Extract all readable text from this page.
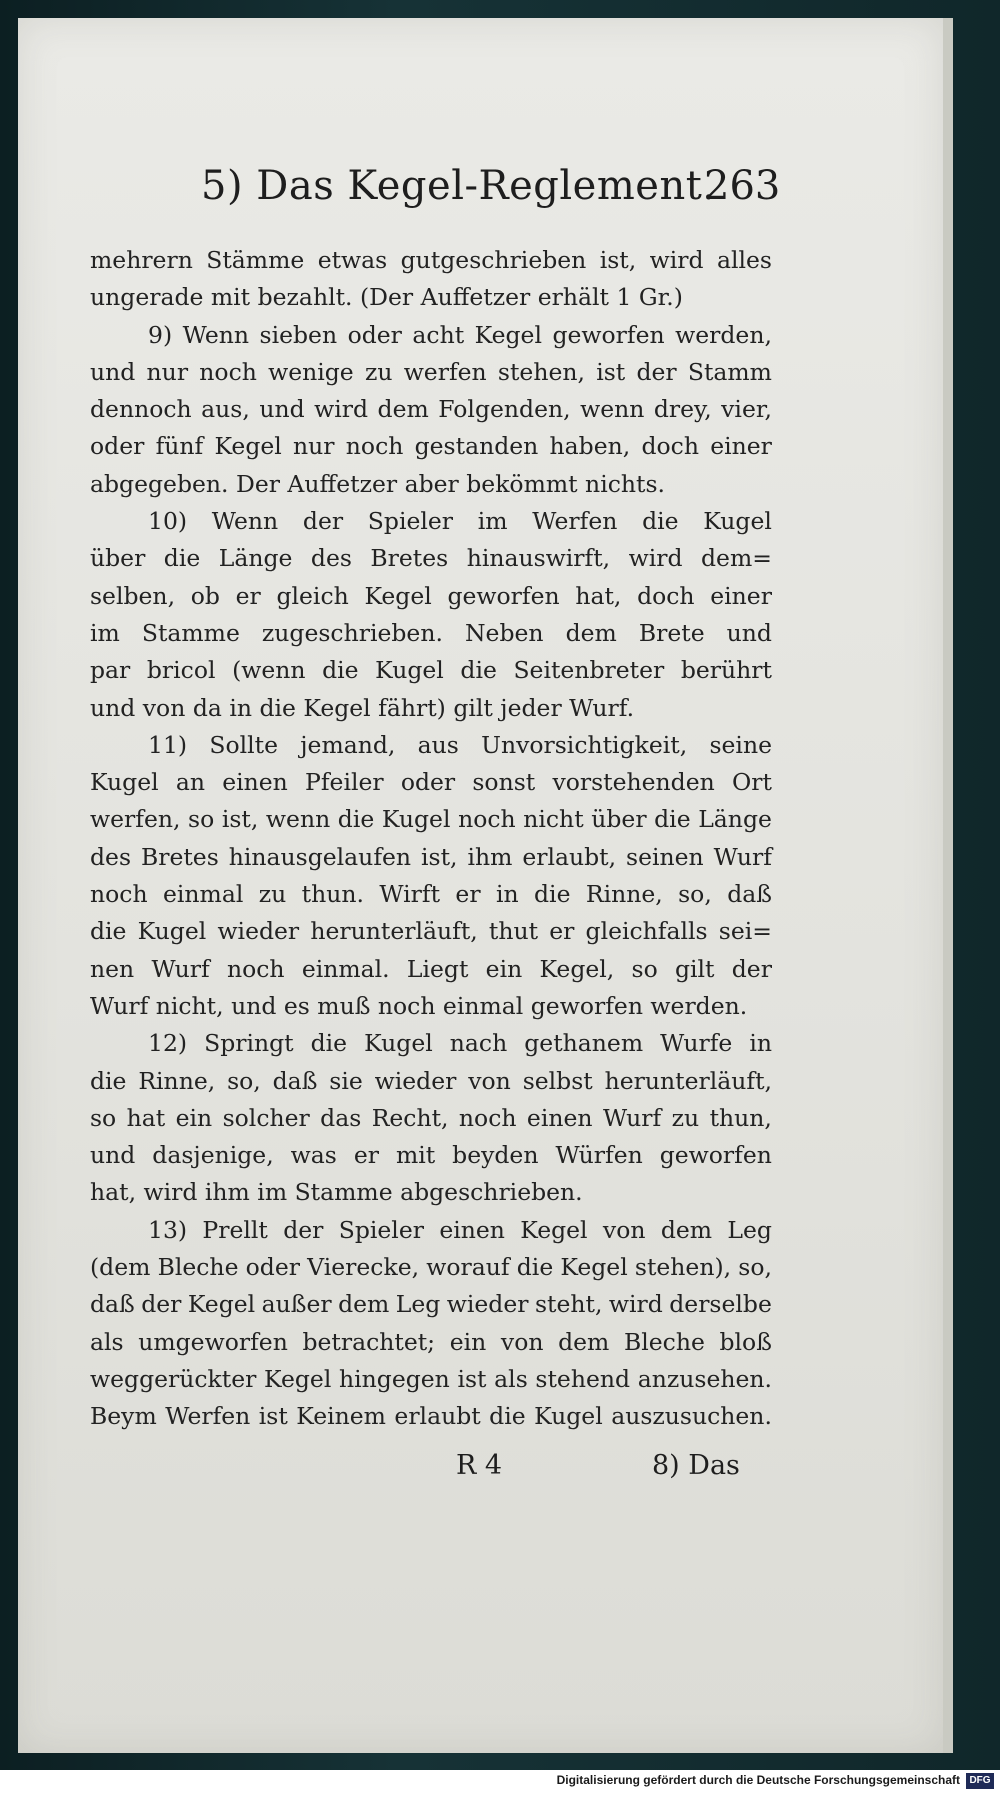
5) Das Kegel-Reglement.
263
mehrern Stämme etwas gutgeschrieben ist, wird alles
ungerade mit bezahlt. (Der Auffetzer erhält 1 Gr.)
9) Wenn sieben oder acht Kegel geworfen werden,
und nur noch wenige zu werfen stehen, ist der Stamm
dennoch aus, und wird dem Folgenden, wenn drey, vier,
oder fünf Kegel nur noch gestanden haben, doch einer
abgegeben. Der Auffetzer aber bekömmt nichts.
10) Wenn der Spieler im Werfen die Kugel
über die Länge des Bretes hinauswirft, wird dem=
selben, ob er gleich Kegel geworfen hat, doch einer
im Stamme zugeschrieben. Neben dem Brete und
par bricol (wenn die Kugel die Seitenbreter berührt
und von da in die Kegel fährt) gilt jeder Wurf.
11) Sollte jemand, aus Unvorsichtigkeit, seine
Kugel an einen Pfeiler oder sonst vorstehenden Ort
werfen, so ist, wenn die Kugel noch nicht über die Länge
des Bretes hinausgelaufen ist, ihm erlaubt, seinen Wurf
noch einmal zu thun. Wirft er in die Rinne, so, daß
die Kugel wieder herunterläuft, thut er gleichfalls sei=
nen Wurf noch einmal. Liegt ein Kegel, so gilt der
Wurf nicht, und es muß noch einmal geworfen werden.
12) Springt die Kugel nach gethanem Wurfe in
die Rinne, so, daß sie wieder von selbst herunterläuft,
so hat ein solcher das Recht, noch einen Wurf zu thun,
und dasjenige, was er mit beyden Würfen geworfen
hat, wird ihm im Stamme abgeschrieben.
13) Prellt der Spieler einen Kegel von dem Leg
(dem Bleche oder Vierecke, worauf die Kegel stehen), so,
daß der Kegel außer dem Leg wieder steht, wird derselbe
als umgeworfen betrachtet; ein von dem Bleche bloß
weggerückter Kegel hingegen ist als stehend anzusehen.
Beym Werfen ist Keinem erlaubt die Kugel auszusuchen.
R 4	8) Das
Digitalisierung gefördert durch die Deutsche Forschungsgemeinschaft DFG
